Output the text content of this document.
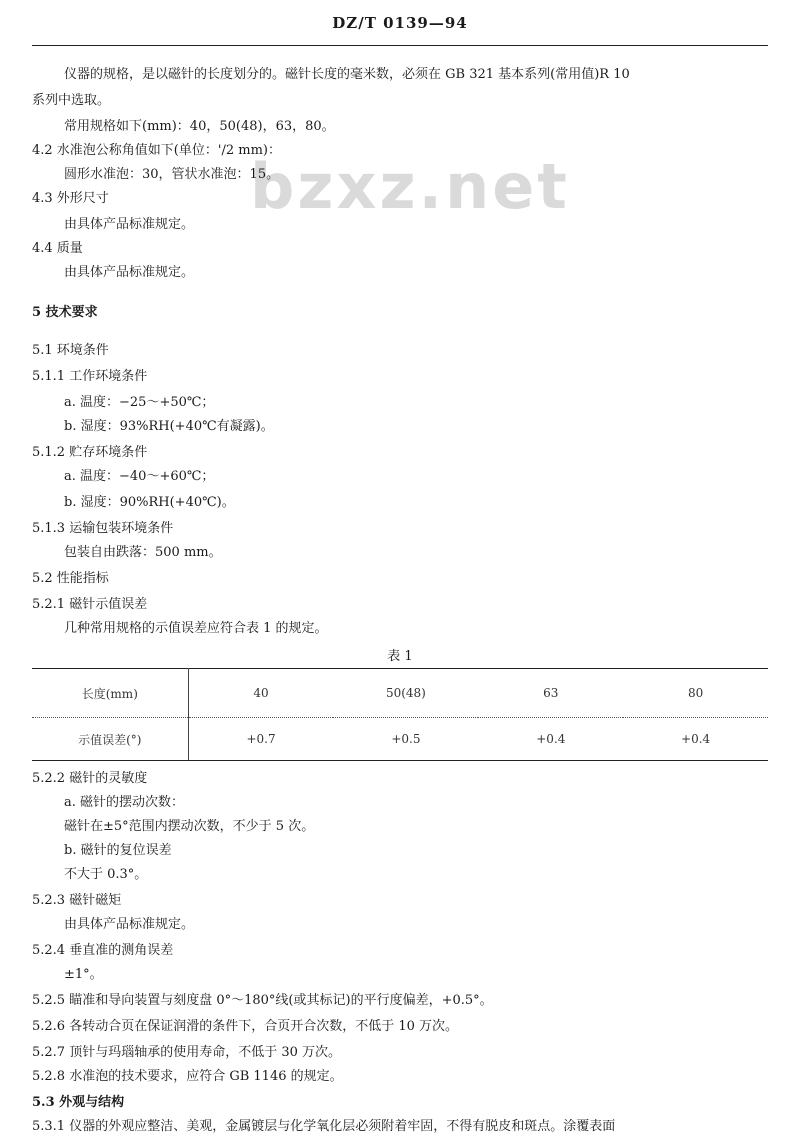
DZ/T 0139—94
bzxz.net
仪器的规格，是以磁针的长度划分的。磁针长度的毫米数，必须在 GB 321 基本系列(常用值)R 10
系列中选取。
常用规格如下(mm)：40，50(48)，63，80。
4.2 水准泡公称角值如下(单位：'/2 mm)：
圆形水准泡：30，管状水准泡：15。
4.3 外形尺寸
由具体产品标准规定。
4.4 质量
由具体产品标准规定。
5 技术要求
5.1 环境条件
5.1.1 工作环境条件
a. 温度：−25～+50℃；
b. 湿度：93%RH(+40℃有凝露)。
5.1.2 贮存环境条件
a. 温度：−40～+60℃；
b. 湿度：90%RH(+40℃)。
5.1.3 运输包装环境条件
包装自由跌落：500 mm。
5.2 性能指标
5.2.1 磁针示值误差
几种常用规格的示值误差应符合表 1 的规定。
表 1
长度(mm)	40	50(48)	63	80
示值误差(°)	+0.7	+0.5	+0.4	+0.4
5.2.2 磁针的灵敏度
a. 磁针的摆动次数：
磁针在±5°范围内摆动次数，不少于 5 次。
b. 磁针的复位误差
不大于 0.3°。
5.2.3 磁针磁矩
由具体产品标准规定。
5.2.4 垂直准的测角误差
±1°。
5.2.5 瞄准和导向装置与刻度盘 0°～180°线(或其标记)的平行度偏差，+0.5°。
5.2.6 各转动合页在保证润滑的条件下，合页开合次数，不低于 10 万次。
5.2.7 顶针与玛瑙轴承的使用寿命，不低于 30 万次。
5.2.8 水准泡的技术要求，应符合 GB 1146 的规定。
5.3 外观与结构
5.3.1 仪器的外观应整洁、美观，金属镀层与化学氧化层必须附着牢固，不得有脱皮和斑点。涂覆表面
